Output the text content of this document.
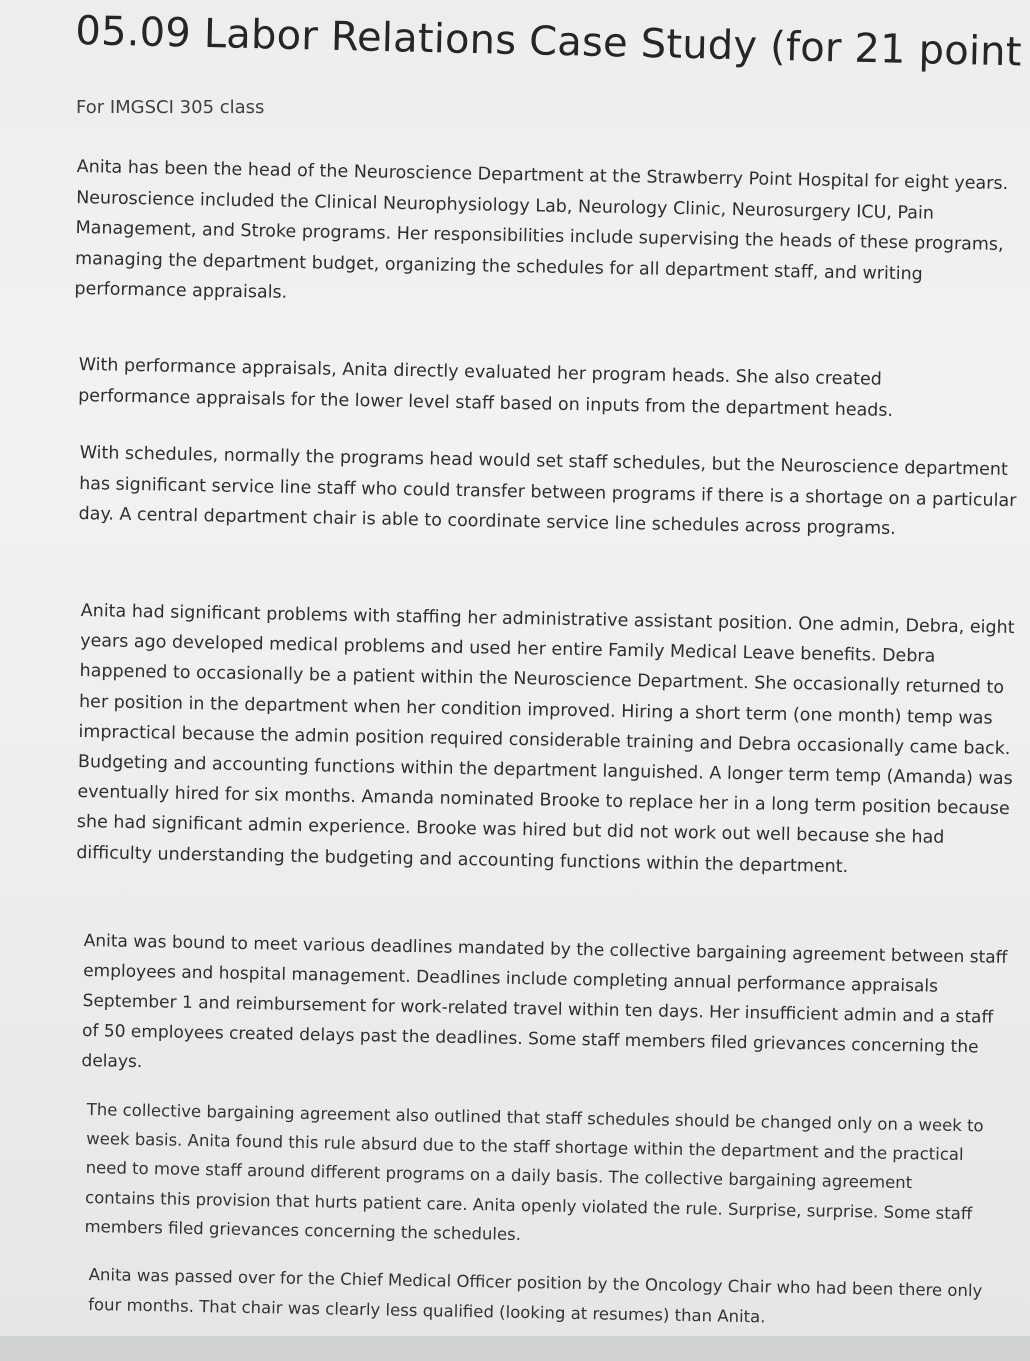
05.09 Labor Relations Case Study (for 21 point

For IMGSCI 305 class

Anita has been the head of the Neuroscience Department at the Strawberry Point Hospital for eight years. Neuroscience included the Clinical Neurophysiology Lab, Neurology Clinic, Neurosurgery ICU, Pain Management, and Stroke programs. Her responsibilities include supervising the heads of these programs, managing the department budget, organizing the schedules for all department staff, and writing performance appraisals.

With performance appraisals, Anita directly evaluated her program heads. She also created performance appraisals for the lower level staff based on inputs from the department heads.

With schedules, normally the programs head would set staff schedules, but the Neuroscience department has significant service line staff who could transfer between programs if there is a shortage on a particular day. A central department chair is able to coordinate service line schedules across programs.

Anita had significant problems with staffing her administrative assistant position. One admin, Debra, eight years ago developed medical problems and used her entire Family Medical Leave benefits. Debra happened to occasionally be a patient within the Neuroscience Department. She occasionally returned to her position in the department when her condition improved. Hiring a short term (one month) temp was impractical because the admin position required considerable training and Debra occasionally came back. Budgeting and accounting functions within the department languished. A longer term temp (Amanda) was eventually hired for six months. Amanda nominated Brooke to replace her in a long term position because she had significant admin experience. Brooke was hired but did not work out well because she had difficulty understanding the budgeting and accounting functions within the department.

Anita was bound to meet various deadlines mandated by the collective bargaining agreement between staff employees and hospital management. Deadlines include completing annual performance appraisals September 1 and reimbursement for work-related travel within ten days. Her insufficient admin and a staff of 50 employees created delays past the deadlines. Some staff members filed grievances concerning the delays.

The collective bargaining agreement also outlined that staff schedules should be changed only on a week to week basis. Anita found this rule absurd due to the staff shortage within the department and the practical need to move staff around different programs on a daily basis. The collective bargaining agreement contains this provision that hurts patient care. Anita openly violated the rule. Surprise, surprise. Some staff members filed grievances concerning the schedules.

Anita was passed over for the Chief Medical Officer position by the Oncology Chair who had been there only four months. That chair was clearly less qualified (looking at resumes) than Anita.
